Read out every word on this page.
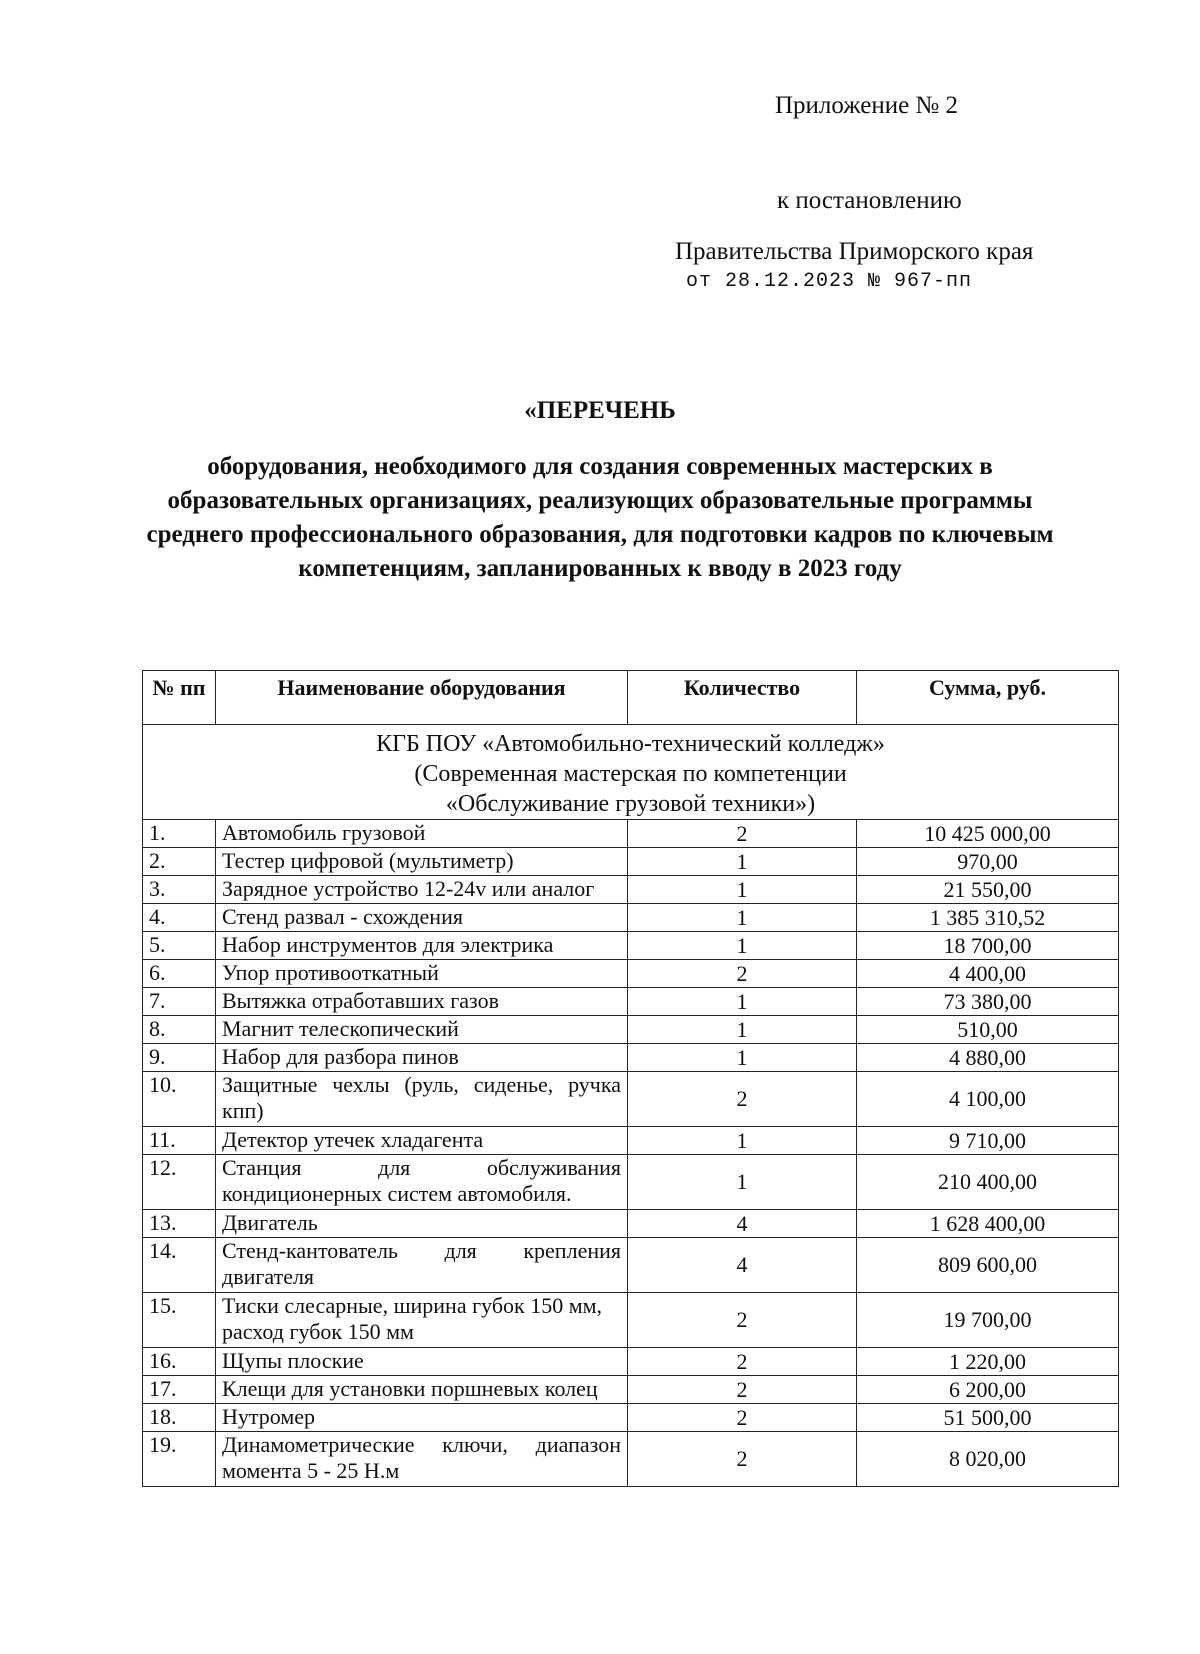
Приложение № 2
к постановлению
Правительства Приморского края
от 28.12.2023 № 967-пп
«ПЕРЕЧЕНЬ
оборудования, необходимого для создания современных мастерских в образовательных организациях, реализующих образовательные программы среднего профессионального образования, для подготовки кадров по ключевым компетенциям, запланированных к вводу в 2023 году
№ пп	Наименование оборудования	Количество	Сумма, руб.

КГБ ПОУ «Автомобильно-технический колледж»
(Современная мастерская по компетенции
«Обслуживание грузовой техники»)			

1.	Автомобиль грузовой	2	10 425 000,00
2.	Тестер цифровой (мультиметр)	1	970,00
3.	Зарядное устройство 12-24v или аналог	1	21 550,00
4.	Стенд развал - схождения	1	1 385 310,52
5.	Набор инструментов для электрика	1	18 700,00
6.	Упор противооткатный	2	4 400,00
7.	Вытяжка отработавших газов	1	73 380,00
8.	Магнит телескопический	1	510,00
9.	Набор для разбора пинов	1	4 880,00
10.	Защитные чехлы (руль, сиденье, ручка кпп)	2	4 100,00
11.	Детектор утечек хладагента	1	9 710,00
12.	Станция для обслуживания кондиционерных систем автомобиля.	1	210 400,00
13.	Двигатель	4	1 628 400,00
14.	Стенд-кантователь для крепления двигателя	4	809 600,00
15.	Тиски слесарные, ширина губок 150 мм, расход губок 150 мм	2	19 700,00
16.	Щупы плоские	2	1 220,00
17.	Клещи для установки поршневых колец	2	6 200,00
18.	Нутромер	2	51 500,00
19.	Динамометрические ключи, диапазон момента 5 - 25 Н.м	2	8 020,00
